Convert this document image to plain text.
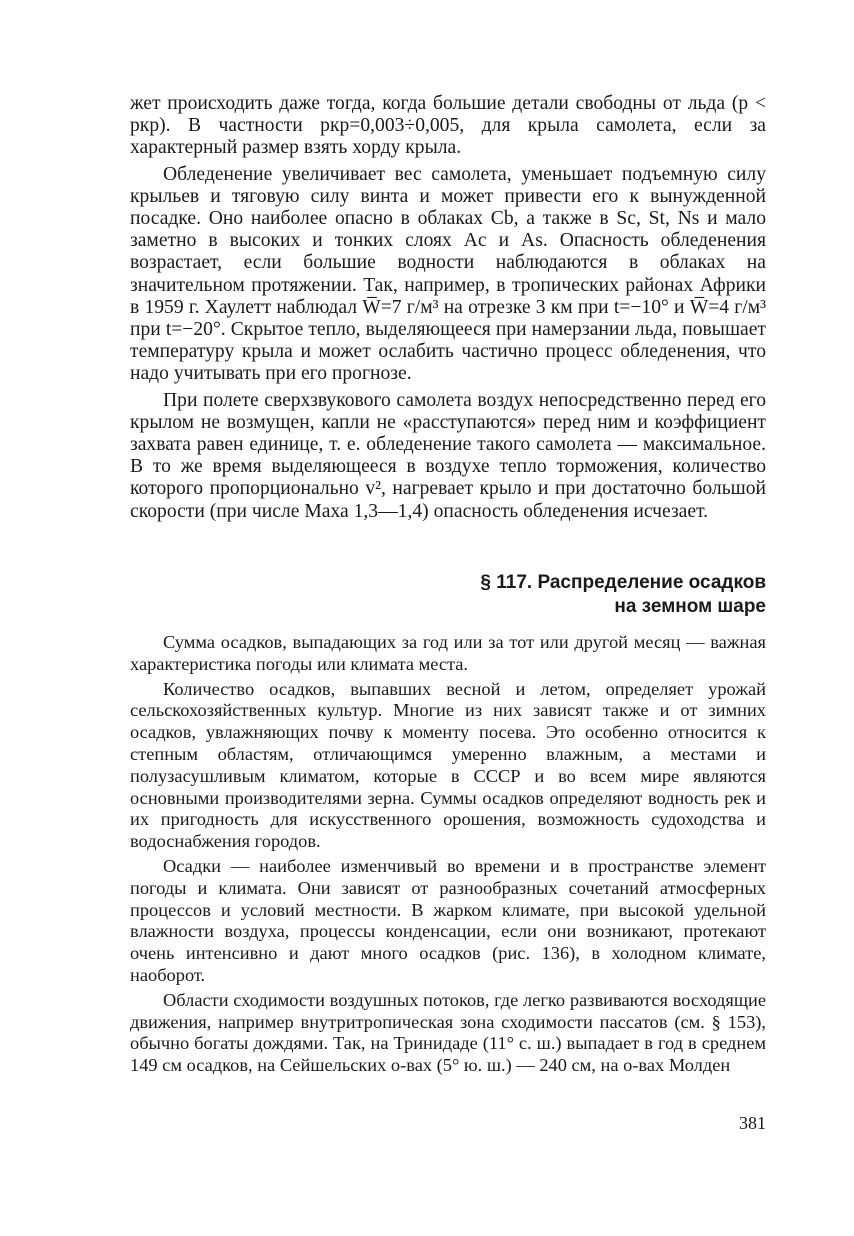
жет происходить даже тогда, когда большие детали свободны от льда (p < pкр). В частности pкр=0,003÷0,005, для крыла самолета, если за характерный размер взять хорду крыла.

Обледенение увеличивает вес самолета, уменьшает подъемную силу крыльев и тяговую силу винта и может привести его к вынужденной посадке. Оно наиболее опасно в облаках Cb, а также в Sc, St, Ns и мало заметно в высоких и тонких слоях Ac и As. Опасность обледенения возрастает, если большие водности наблюдаются в облаках на значительном протяжении. Так, например, в тропических районах Африки в 1959 г. Хаулетт наблюдал W̅=7 г/м³ на отрезке 3 км при t=−10° и W̅=4 г/м³ при t=−20°. Скрытое тепло, выделяющееся при намерзании льда, повышает температуру крыла и может ослабить частично процесс обледенения, что надо учитывать при его прогнозе.

При полете сверхзвукового самолета воздух непосредственно перед его крылом не возмущен, капли не «расступаются» перед ним и коэффициент захвата равен единице, т. е. обледенение такого самолета — максимальное. В то же время выделяющееся в воздухе тепло торможения, количество которого пропорционально v², нагревает крыло и при достаточно большой скорости (при числе Маха 1,3—1,4) опасность обледенения исчезает.

§ 117. Распределение осадков
на земном шаре

Сумма осадков, выпадающих за год или за тот или другой месяц — важная характеристика погоды или климата места.

Количество осадков, выпавших весной и летом, определяет урожай сельскохозяйственных культур. Многие из них зависят также и от зимних осадков, увлажняющих почву к моменту посева. Это особенно относится к степным областям, отличающимся умеренно влажным, а местами и полузасушливым климатом, которые в СССР и во всем мире являются основными производителями зерна. Суммы осадков определяют водность рек и их пригодность для искусственного орошения, возможность судоходства и водоснабжения городов.

Осадки — наиболее изменчивый во времени и в пространстве элемент погоды и климата. Они зависят от разнообразных сочетаний атмосферных процессов и условий местности. В жарком климате, при высокой удельной влажности воздуха, процессы конденсации, если они возникают, протекают очень интенсивно и дают много осадков (рис. 136), в холодном климате, наоборот.

Области сходимости воздушных потоков, где легко развиваются восходящие движения, например внутритропическая зона сходимости пассатов (см. § 153), обычно богаты дождями. Так, на Тринидаде (11° с. ш.) выпадает в год в среднем 149 см осадков, на Сейшельских о-вах (5° ю. ш.) — 240 см, на о-вах Молден

381
